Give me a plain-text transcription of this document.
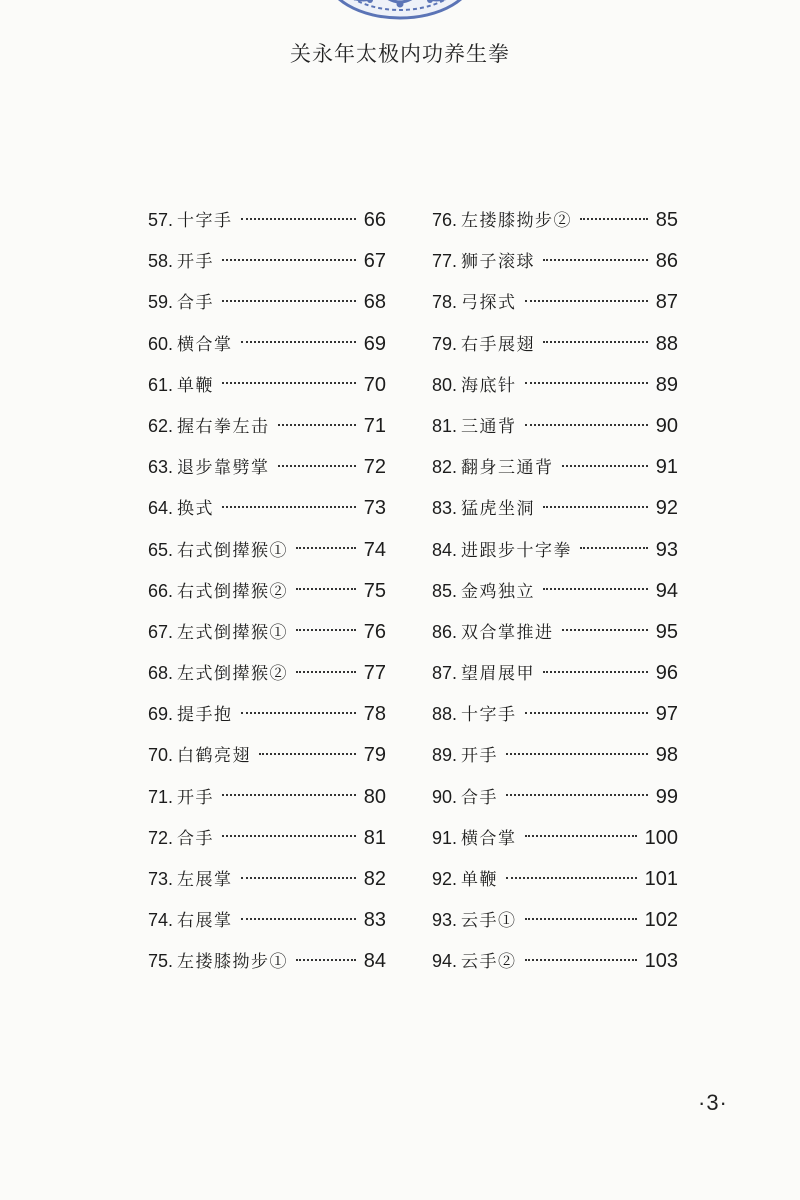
关永年太极内功养生拳
57. 十字手	66
58. 开手	67
59. 合手	68
60. 横合掌	69
61. 单鞭	70
62. 握右拳左击	71
63. 退步靠劈掌	72
64. 换式	73
65. 右式倒撵猴①	74
66. 右式倒撵猴②	75
67. 左式倒撵猴①	76
68. 左式倒撵猴②	77
69. 提手抱	78
70. 白鹤亮翅	79
71. 开手	80
72. 合手	81
73. 左展掌	82
74. 右展掌	83
75. 左搂膝拗步①	84
76. 左搂膝拗步②	85
77. 狮子滚球	86
78. 弓探式	87
79. 右手展翅	88
80. 海底针	89
81. 三通背	90
82. 翻身三通背	91
83. 猛虎坐洞	92
84. 进跟步十字拳	93
85. 金鸡独立	94
86. 双合掌推进	95
87. 望眉展甲	96
88. 十字手	97
89. 开手	98
90. 合手	99
91. 横合掌	100
92. 单鞭	101
93. 云手①	102
94. 云手②	103
·3·
